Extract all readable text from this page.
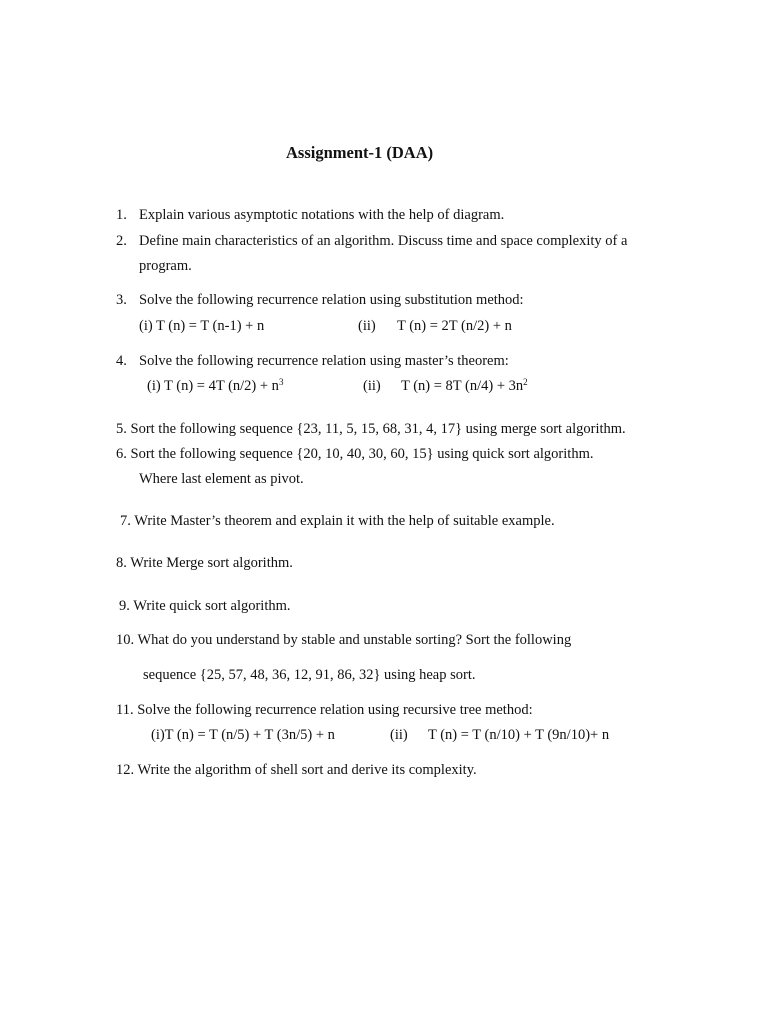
Assignment-1 (DAA)
1. Explain various asymptotic notations with the help of diagram.
2. Define main characteristics of an algorithm. Discuss time and space complexity of a
program.
3. Solve the following recurrence relation using substitution method:
(i) T (n) = T (n-1) + n	(ii) T (n) = 2T (n/2) + n
4. Solve the following recurrence relation using master’s theorem:
(i) T (n) = 4T $(n/2) + n^3$	(ii) T (n) = 8T $(n/4) + 3n^2$
5. Sort the following sequence {23, 11, 5, 15, 68, 31, 4, 17} using merge sort algorithm.
6. Sort the following sequence {20, 10, 40, 30, 60, 15} using quick sort algorithm.
Where last element as pivot.
7. Write Master’s theorem and explain it with the help of suitable example.
8. Write Merge sort algorithm.
9. Write quick sort algorithm.
10. What do you understand by stable and unstable sorting? Sort the following
sequence {25, 57, 48, 36, 12, 91, 86, 32} using heap sort.
11. Solve the following recurrence relation using recursive tree method:
(i)T (n) = T (n/5) + T (3n/5) + n	(ii) T (n) = T (n/10) + T (9n/10)+ n
12. Write the algorithm of shell sort and derive its complexity.
